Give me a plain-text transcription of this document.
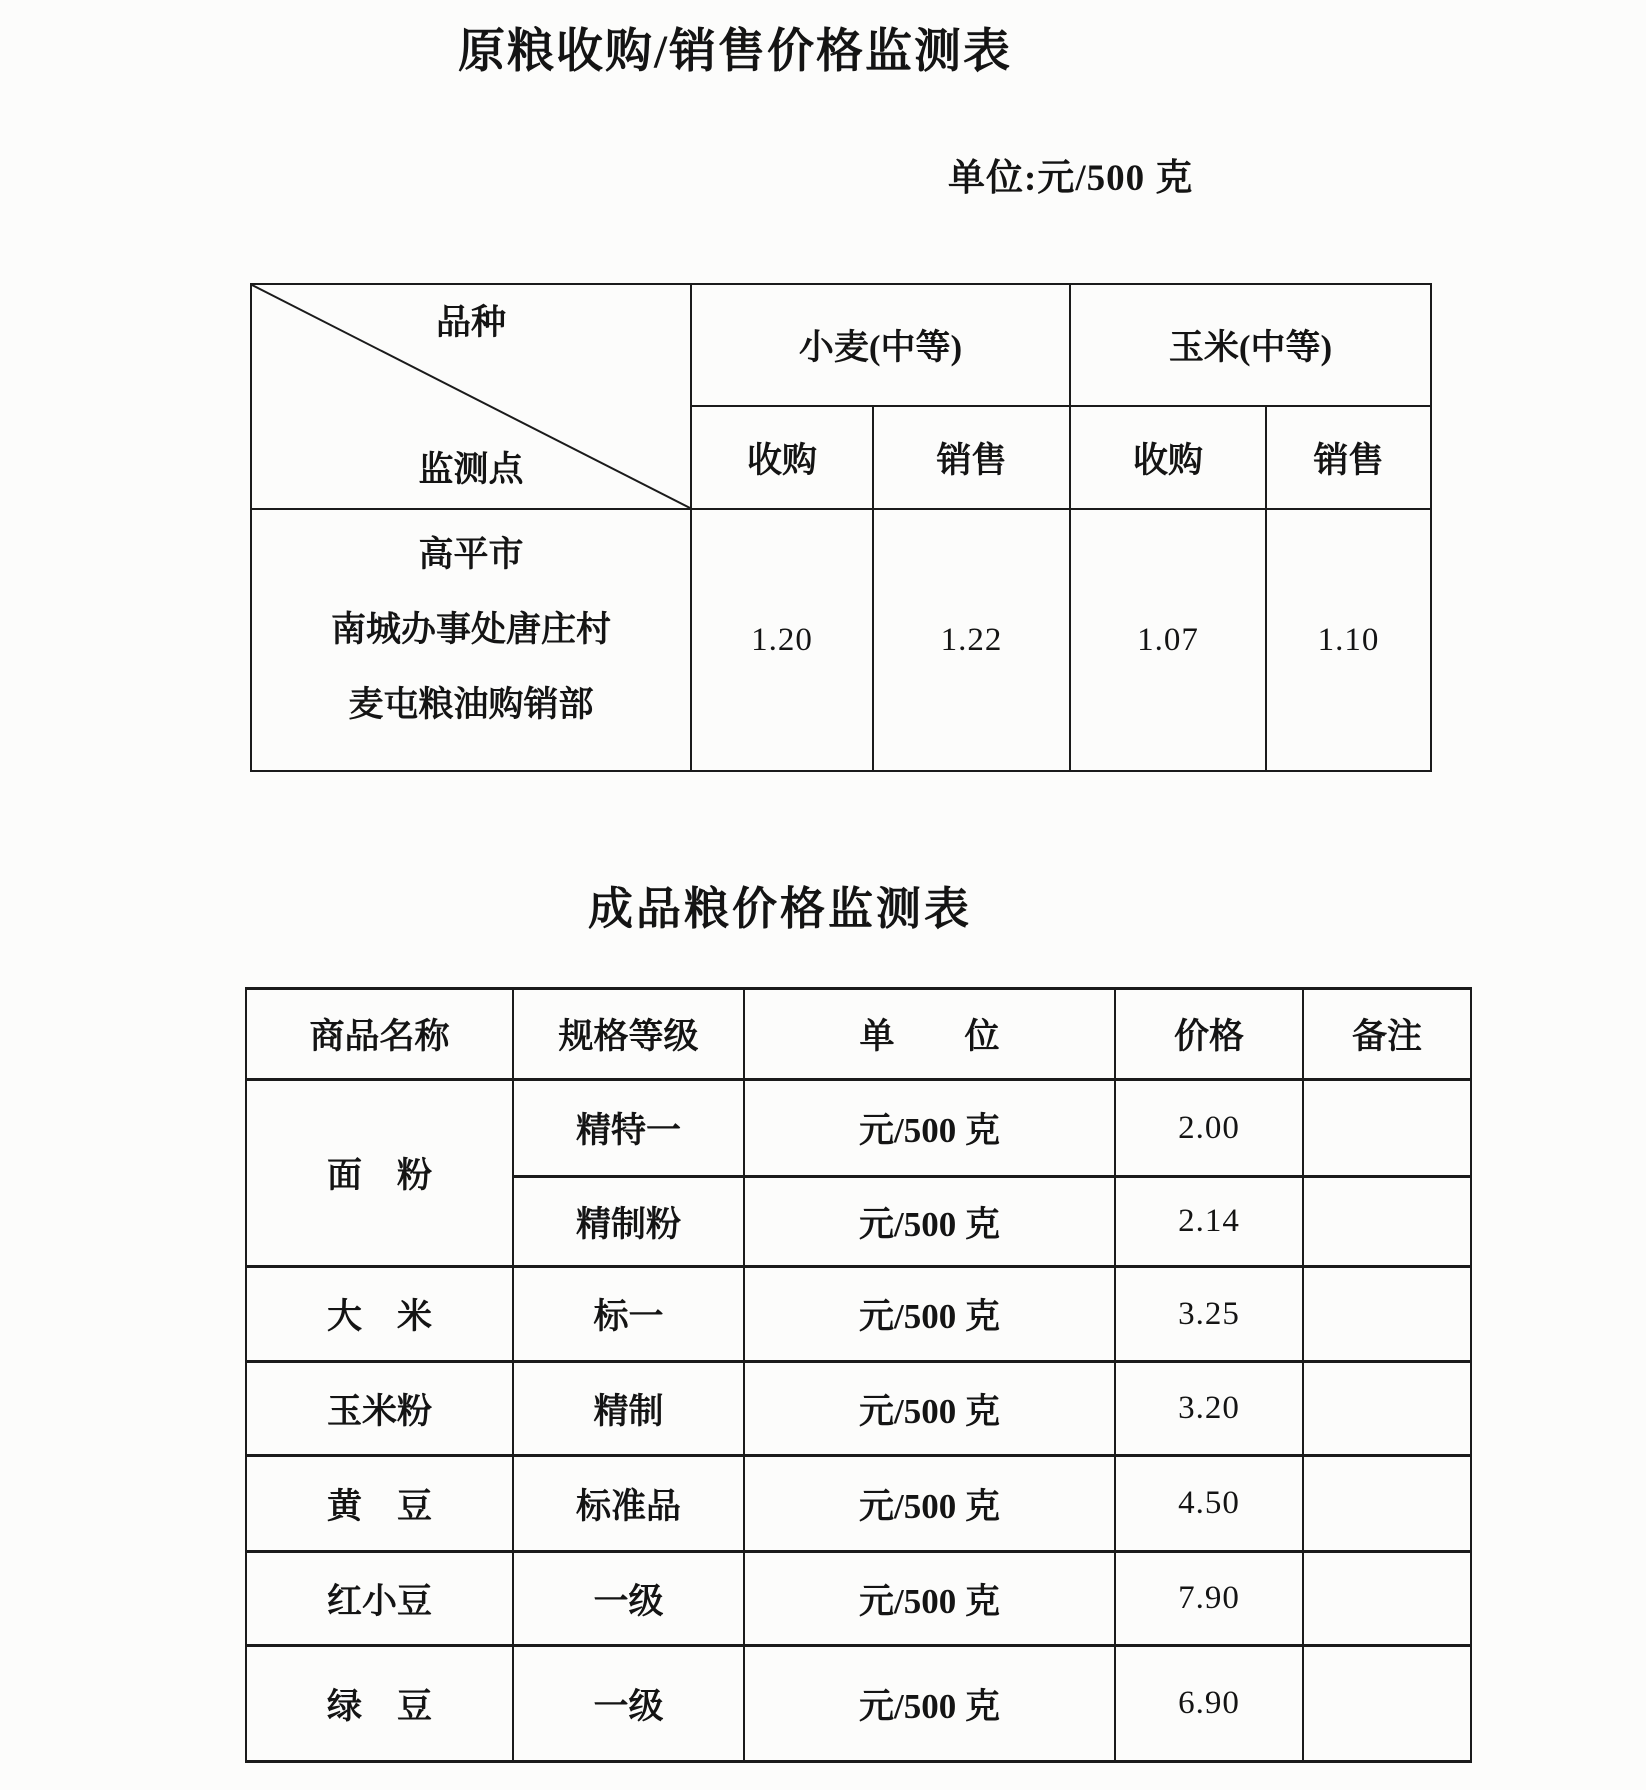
原粮收购/销售价格监测表
单位:元/500 克
品种
监测点	小麦(中等)		玉米(中等)	
	收购	销售	收购	销售

高平市
南城办事处唐庄村
麦屯粮油购销部	1.20	1.22	1.07	1.10
成品粮价格监测表
商品名称	规格等级	单　　位	价格	备注
面　粉	精特一	元/500 克	2.00	
	精制粉	元/500 克	2.14	
大　米	标一	元/500 克	3.25	
玉米粉	精制	元/500 克	3.20	
黄　豆	标准品	元/500 克	4.50	
红小豆	一级	元/500 克	7.90	
绿　豆	一级	元/500 克	6.90	
